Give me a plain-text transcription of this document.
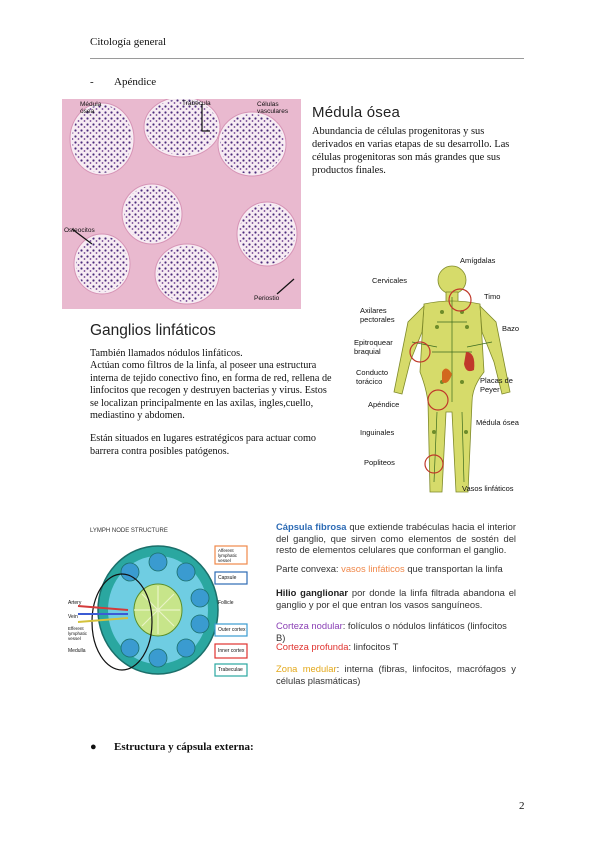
Citología general
- Apéndice
Médula
ósea
Trabécula	Células
vasculares
Osteocitos
Periostio
Médula ósea
Abundancia de células progenitoras y sus derivados en varias etapas de su desarrollo. Las células progenitoras son más grandes que sus productos finales.
Ganglios linfáticos

También llamados nódulos linfáticos.

Actúan como filtros de la linfa, al poseer una estructura interna de tejido conectivo fino, en forma de red, rellena de linfocitos que recogen y destruyen bacterias y virus. Estos se localizan principalmente en las axilas, ingles,cuello, mediastino y abdomen.

Están situados en lugares estratégicos para actuar como barrera contra posibles patógenos.

Amígdalas
Cervicales
Timo
Axilares
pectorales
Bazo
Epitroquear
braquial
Conducto
torácico	Placas de Peyer
Apéndice
Inguinales
Médula ósea
Popliteos
Vasos linfáticos
LYMPH NODE STRUCTURE
Afferent
lymphatic
vessel
Capsule
Follicle
Outer cortex
Inner cortex
Trabeculae
Artery
Vein
Efferent
lymphatic
vessel
Medulla
Cápsula fibrosa que extiende trabéculas hacia el interior del ganglio, que sirven como elementos de sostén del resto de elementos celulares que conforman el ganglio.
Parte convexa: vasos linfáticos que transportan la linfa
Hilio ganglionar por donde la linfa filtrada abandona el ganglio y por el que entran los vasos sanguíneos.
Corteza nodular: folículos o nódulos linfáticos (linfocitos B)
Corteza profunda: linfocitos T
Zona medular: interna (fibras, linfocitos, macrófagos y células plasmáticas)
● Estructura y cápsula externa:
2
